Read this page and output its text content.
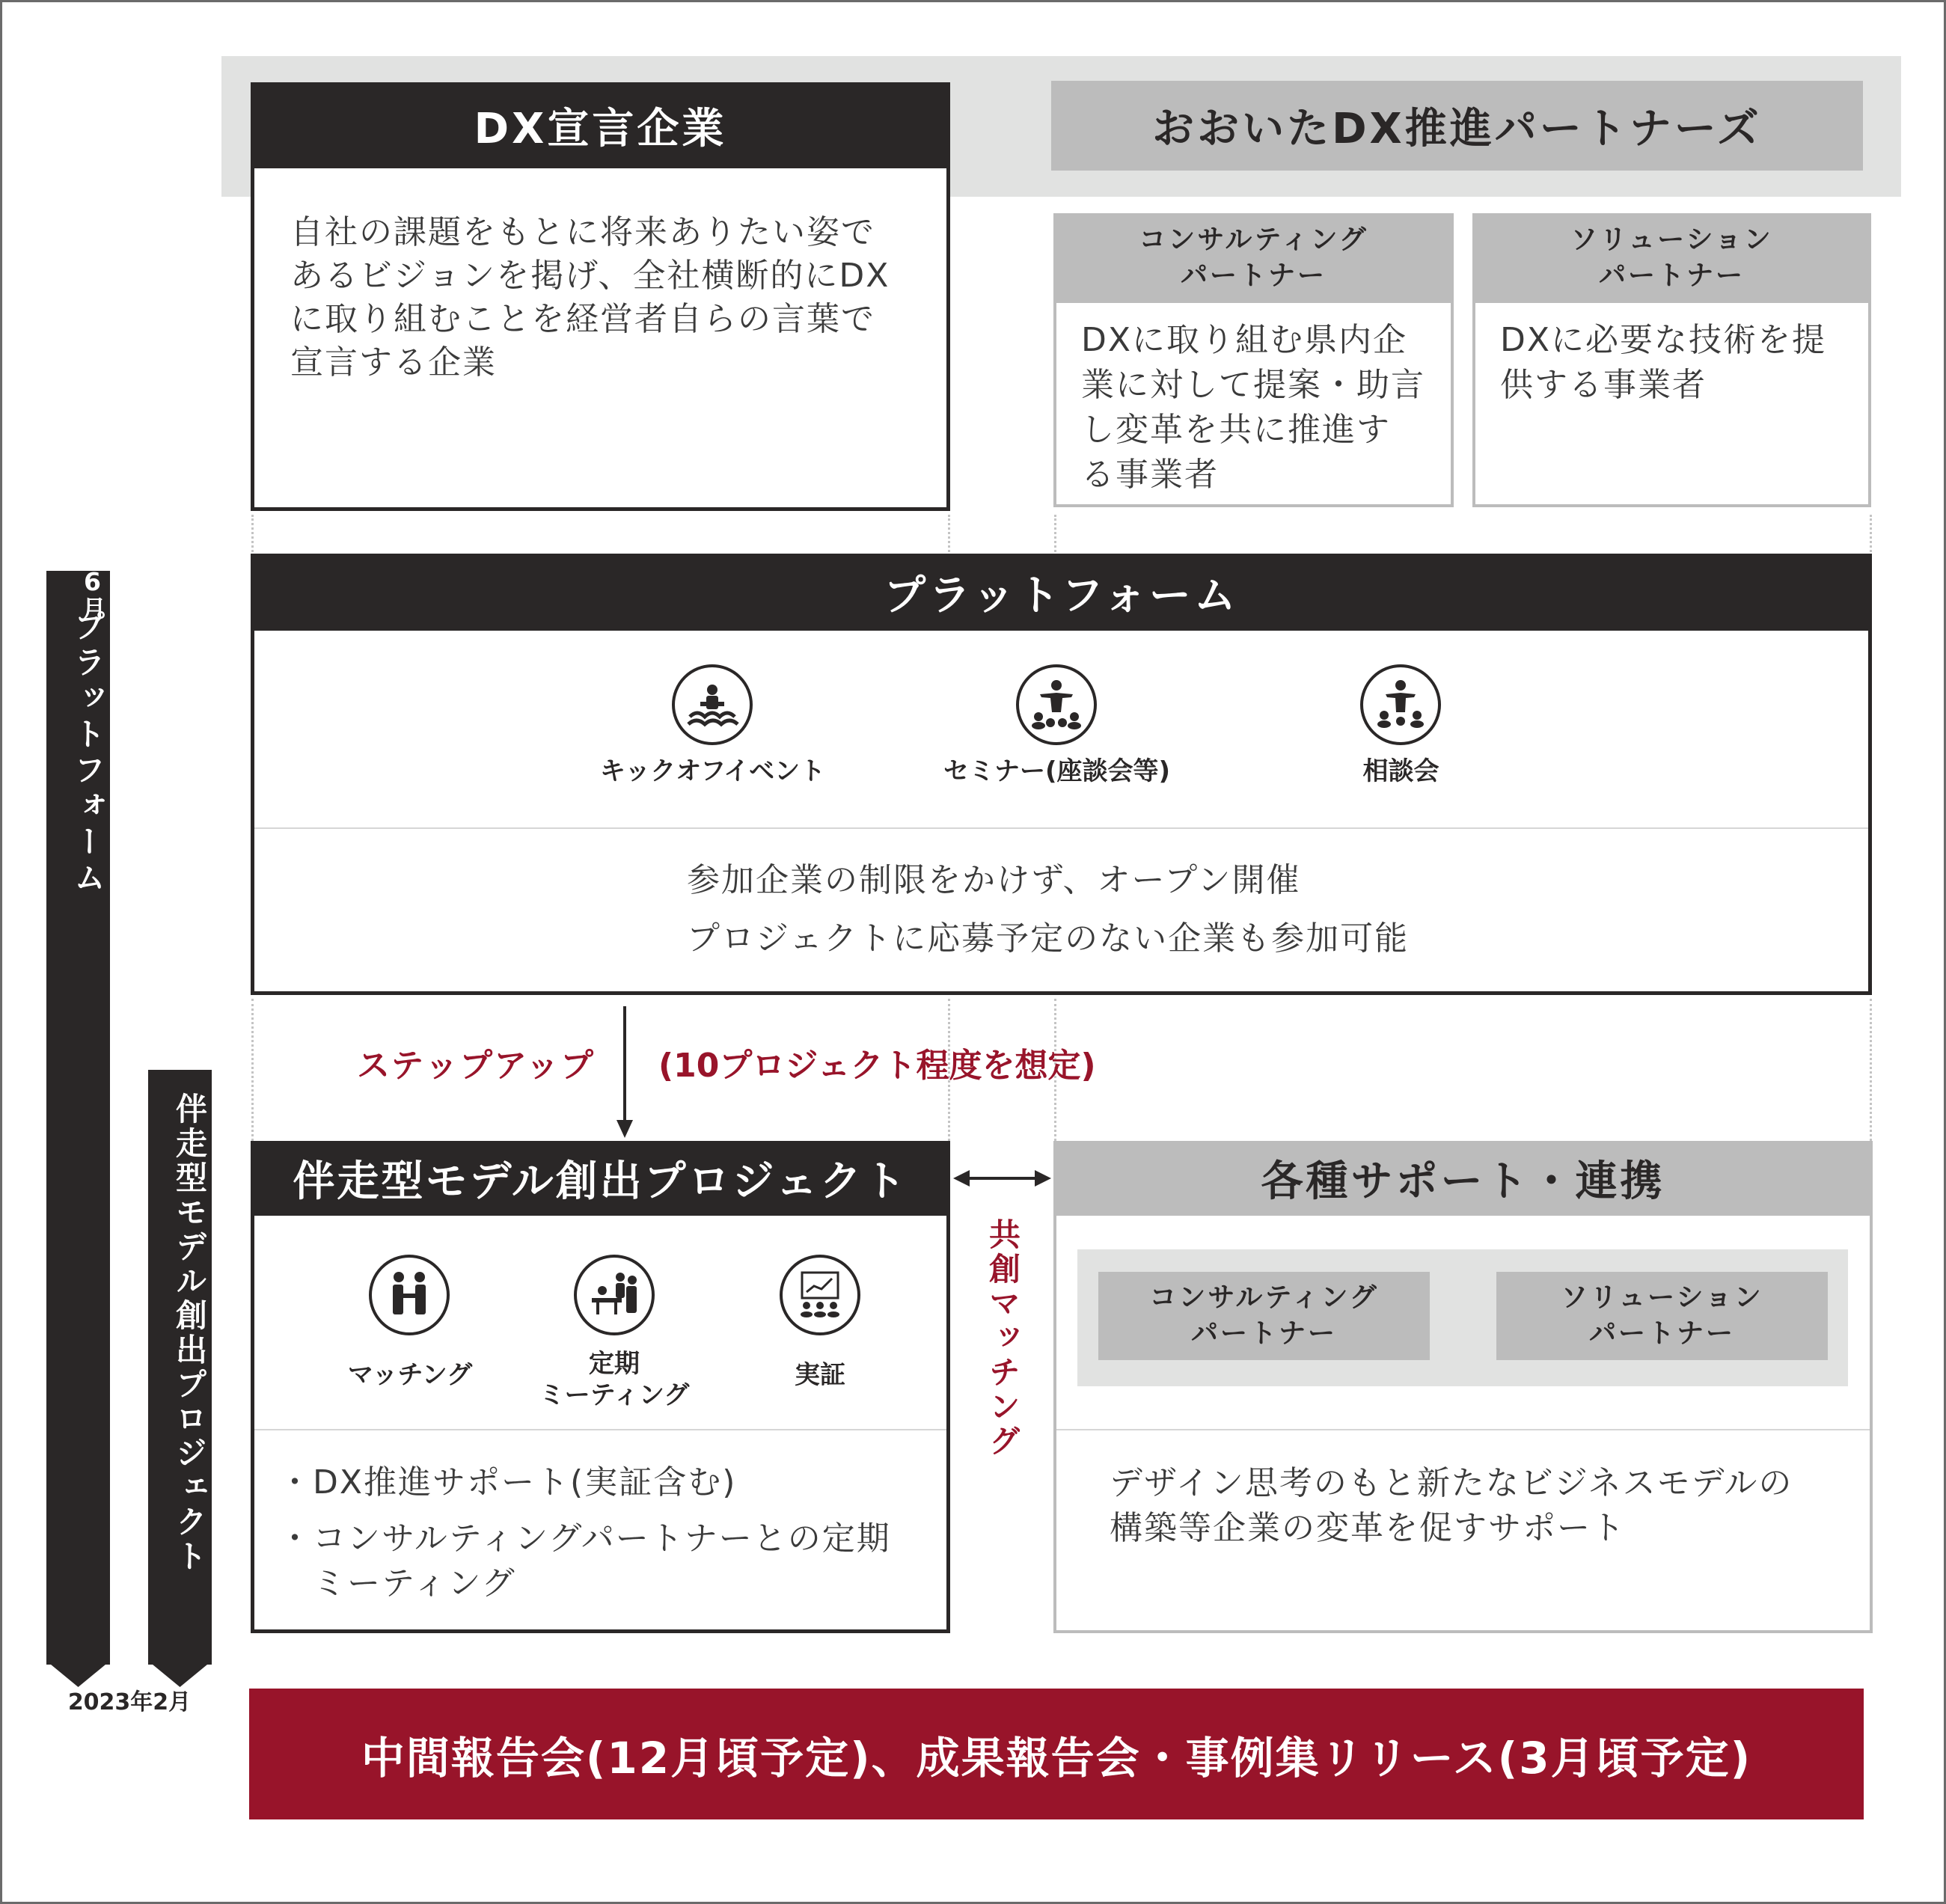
6月
プラットフォーム
伴走型モデル創出プロジェクト
2023年2月
DX宣言企業
自社の課題をもとに将来ありたい姿で
あるビジョンを掲げ、全社横断的にDX
に取り組むことを経営者自らの言葉で
宣言する企業
おおいたDX推進パートナーズ
コンサルティング
パートナー
DXに取り組む県内企
業に対して提案・助言
し変革を共に推進す
る事業者
ソリューション
パートナー
DXに必要な技術を提
供する事業者
プラットフォーム
キックオフイベント	セミナー(座談会等)	相談会
参加企業の制限をかけず、オープン開催
プロジェクトに応募予定のない企業も参加可能
ステップアップ (10プロジェクト程度を想定)
伴走型モデル創出プロジェクト
マッチング	定期
ミーティング
実証
・DX推進サポート(実証含む)
・コンサルティングパートナーとの定期
　ミーティング
共創マッチング
各種サポート・連携
コンサルティング
パートナー
ソリューション
パートナー
デザイン思考のもと新たなビジネスモデルの
構築等企業の変革を促すサポート
中間報告会(12月頃予定)、成果報告会・事例集リリース(3月頃予定)
